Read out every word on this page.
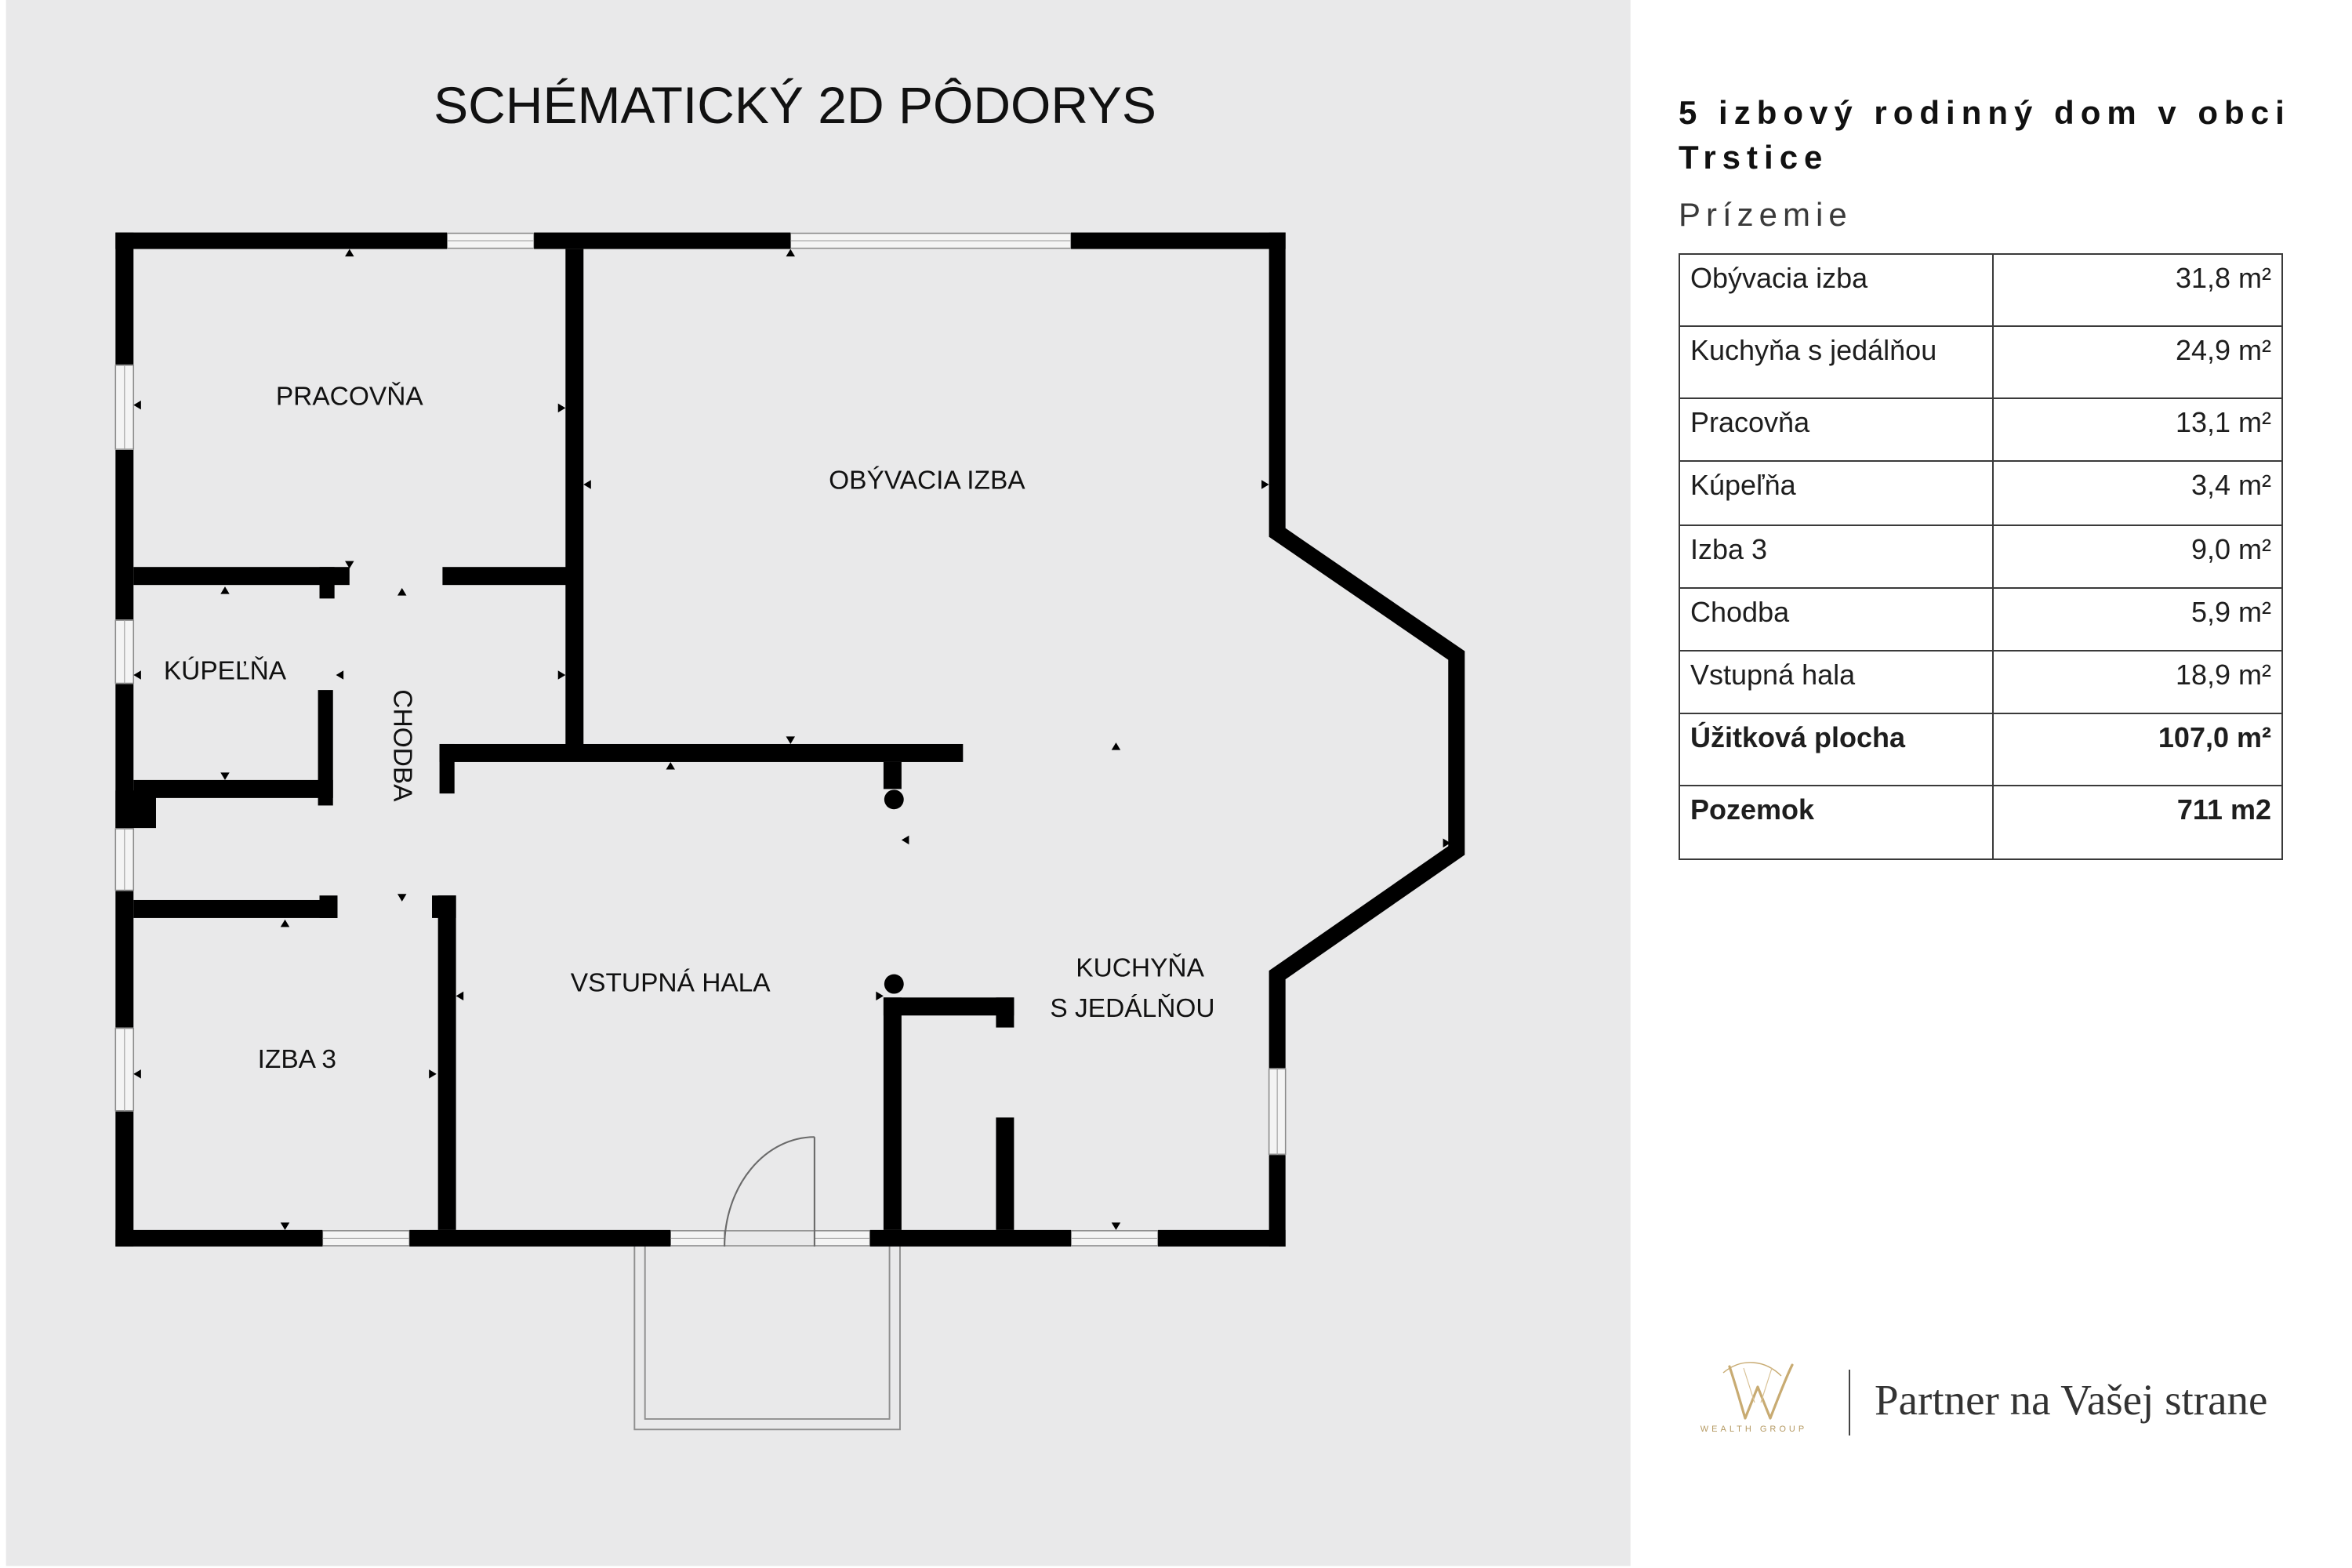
PRACOVŇA
OBÝVACIA IZBA
KÚPEĽŇA
CHODBA
VSTUPNÁ HALA
KUCHYŇA
S JEDÁLŇOU
IZBA 3
SCHÉMATICKÝ 2D PÔDORYS	5 izbový rodinný dom v obci Trstice
Prízemie
Obývacia izba	31,8 m²
Kuchyňa s jedálňou	24,9 m²
Pracovňa	13,1 m²
Kúpeľňa	3,4 m²
Izba 3	9,0 m²
Chodba	5,9 m²
Vstupná hala	18,9 m²
Úžitková plocha	107,0 m²
Pozemok	711 m2
WEALTH GROUP
Partner na Vašej strane
